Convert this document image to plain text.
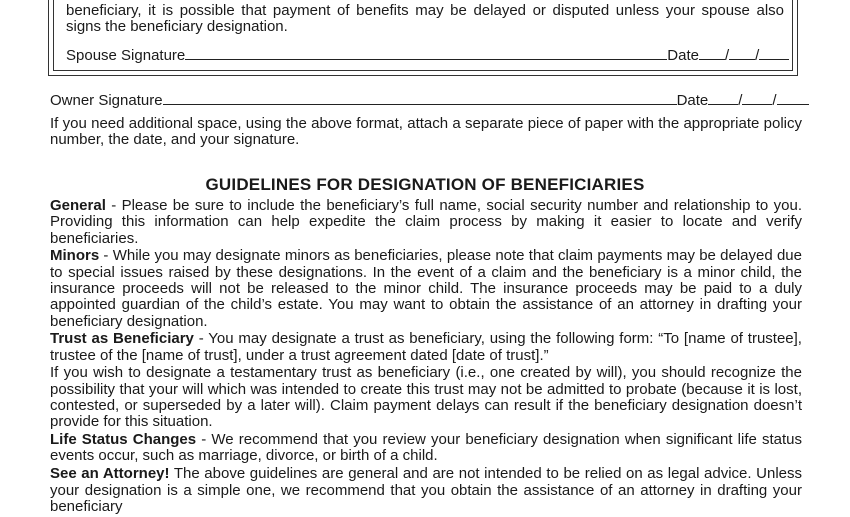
beneficiary, it is possible that payment of benefits may be delayed or disputed unless your spouse also signs the beneficiary designation.
Spouse Signature	Date / /
Owner Signature	Date / /
If you need additional space, using the above format, attach a separate piece of paper with the appropriate policy number, the date, and your signature.
GUIDELINES FOR DESIGNATION OF BENEFICIARIES

General - Please be sure to include the beneficiary’s full name, social security number and relationship to you. Providing this information can help expedite the claim process by making it easier to locate and verify beneficiaries.

Minors - While you may designate minors as beneficiaries, please note that claim payments may be delayed due to special issues raised by these designations. In the event of a claim and the beneficiary is a minor child, the insurance proceeds will not be released to the minor child. The insurance proceeds may be paid to a duly appointed guardian of the child’s estate. You may want to obtain the assistance of an attorney in drafting your beneficiary designation.

Trust as Beneficiary - You may designate a trust as beneficiary, using the following form: “To [name of trustee], trustee of the [name of trust], under a trust agreement dated [date of trust].”

If you wish to designate a testamentary trust as beneficiary (i.e., one created by will), you should recognize the possibility that your will which was intended to create this trust may not be admitted to probate (because it is lost, contested, or superseded by a later will). Claim payment delays can result if the beneficiary designation doesn’t provide for this situation.

Life Status Changes - We recommend that you review your beneficiary designation when significant life status events occur, such as marriage, divorce, or birth of a child.

See an Attorney! The above guidelines are general and are not intended to be relied on as legal advice. Unless your designation is a simple one, we recommend that you obtain the assistance of an attorney in drafting your beneficiary
